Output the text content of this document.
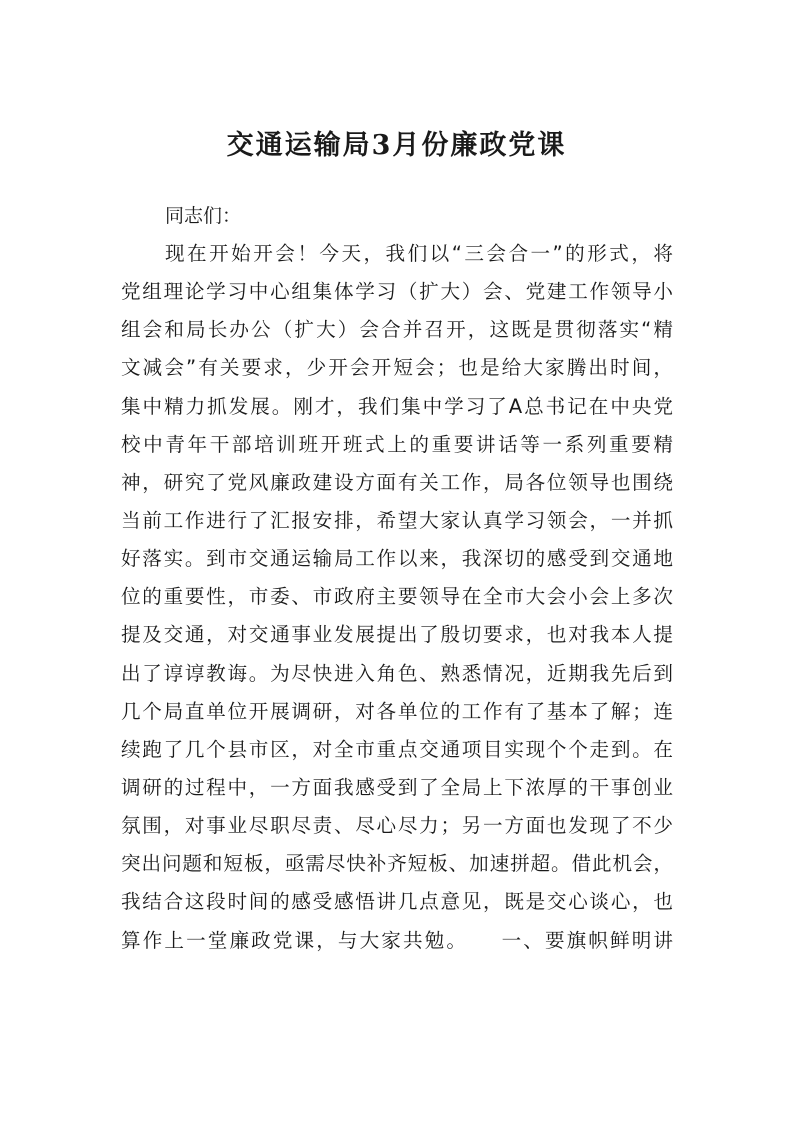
交通运输局3月份廉政党课

同志们：

现在开始开会！今天，我们以“三会合一”的形式，将
党组理论学习中心组集体学习（扩大）会、党建工作领导小
组会和局长办公（扩大）会合并召开，这既是贯彻落实“精
文减会”有关要求，少开会开短会；也是给大家腾出时间，
集中精力抓发展。刚才，我们集中学习了A总书记在中央党
校中青年干部培训班开班式上的重要讲话等一系列重要精
神，研究了党风廉政建设方面有关工作，局各位领导也围绕
当前工作进行了汇报安排，希望大家认真学习领会，一并抓
好落实。到市交通运输局工作以来，我深切的感受到交通地
位的重要性，市委、市政府主要领导在全市大会小会上多次
提及交通，对交通事业发展提出了殷切要求，也对我本人提
出了谆谆教诲。为尽快进入角色、熟悉情况，近期我先后到
几个局直单位开展调研，对各单位的工作有了基本了解；连
续跑了几个县市区，对全市重点交通项目实现个个走到。在
调研的过程中，一方面我感受到了全局上下浓厚的干事创业
氛围，对事业尽职尽责、尽心尽力；另一方面也发现了不少
突出问题和短板，亟需尽快补齐短板、加速拼超。借此机会，
我结合这段时间的感受感悟讲几点意见，既是交心谈心，也
算作上一堂廉政党课，与大家共勉。　　一、要旗帜鲜明讲
